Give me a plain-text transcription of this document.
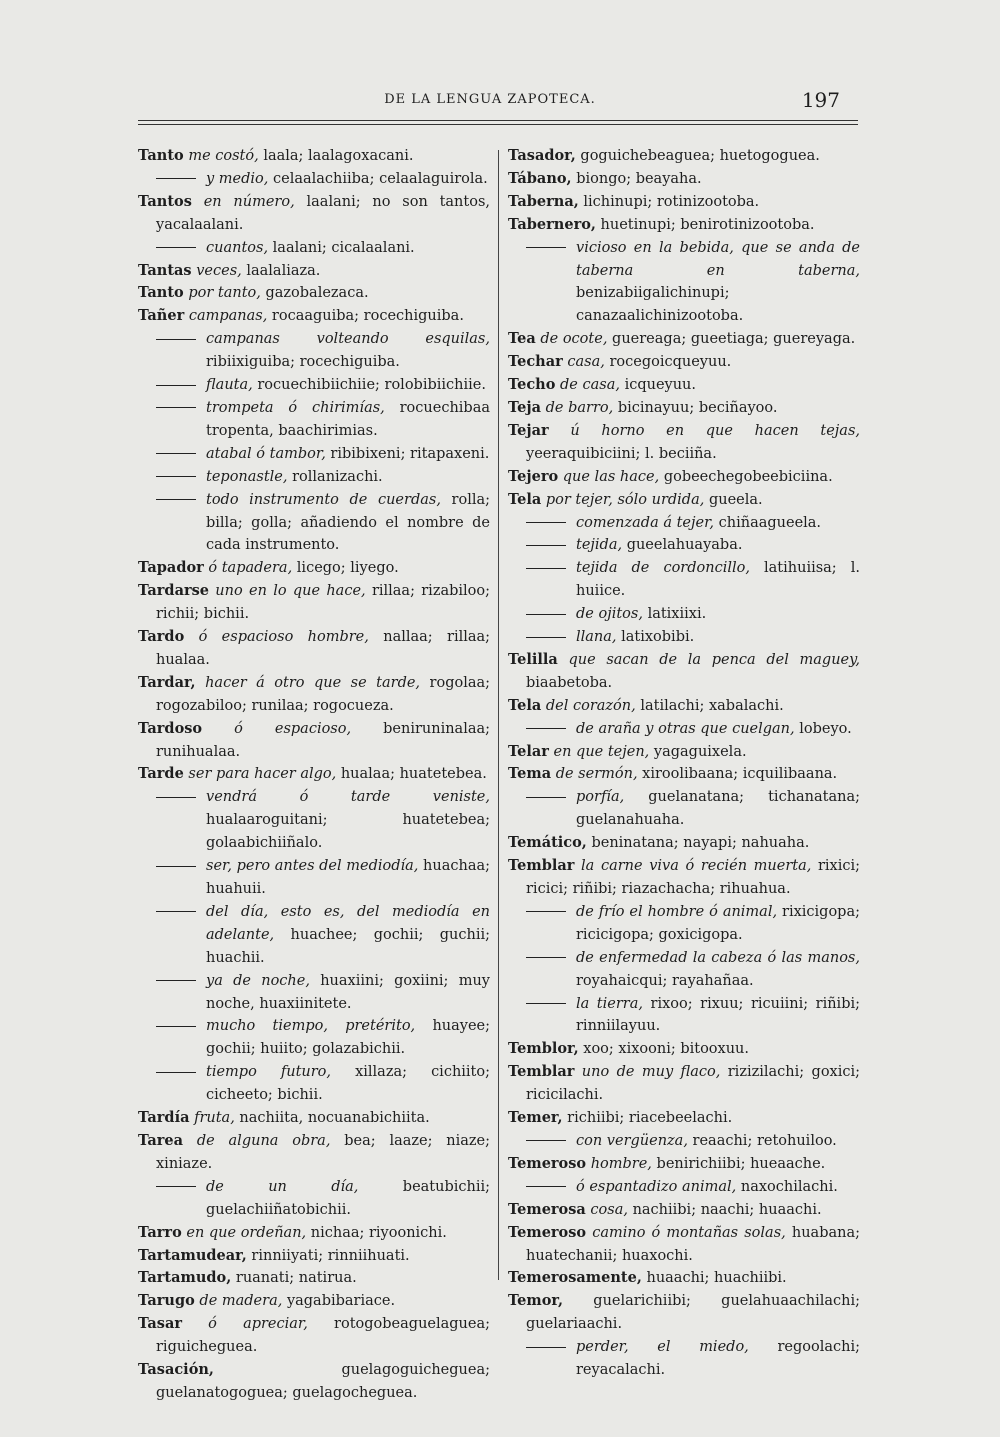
DE LA LENGUA ZAPOTECA.	197

Tanto me costó, laala; laalagoxacani.

y medio, celaalachiiba; celaalaguirola.

Tantos en número, laalani; no son tantos, yacalaalani.

cuantos, laalani; cicalaalani.

Tantas veces, laalaliaza.

Tanto por tanto, gazobalezaca.

Tañer campanas, rocaaguiba; rocechiguiba.

campanas volteando esquilas, ribiixiguiba; rocechiguiba.

flauta, rocuechibiichiie; rolobibiichiie.

trompeta ó chirimías, rocuechibaa tropenta, baachirimias.

atabal ó tambor, ribibixeni; ritapaxeni.

teponastle, rollanizachi.

todo instrumento de cuerdas, rolla; billa; golla; añadiendo el nombre de cada instrumento.

Tapador ó tapadera, licego; liyego.

Tardarse uno en lo que hace, rillaa; rizabiloo; richii; bichii.

Tardo ó espacioso hombre, nallaa; rillaa; hualaa.

Tardar, hacer á otro que se tarde, rogolaa; rogozabiloo; runilaa; rogocueza.

Tardoso ó espacioso, beniruninalaa; runihualaa.

Tarde ser para hacer algo, hualaa; huatetebea.

vendrá ó tarde veniste, hualaaroguitani; huatetebea; golaabichiiñalo.

ser, pero antes del mediodía, huachaa; huahuii.

del día, esto es, del mediodía en adelante, huachee; gochii; guchii; huachii.

ya de noche, huaxiini; goxiini; muy noche, huaxiinitete.

mucho tiempo, pretérito, huayee; gochii; huiito; golazabichii.

tiempo futuro, xillaza; cichiito; cicheeto; bichii.

Tardía fruta, nachiita, nocuanabichiita.

Tarea de alguna obra, bea; laaze; niaze; xiniaze.

de un día,	beatubichii; guelachiiñatobichii.

Tarro en que ordeñan, nichaa; riyoonichi.

Tartamudear, rinniiyati; rinniihuati.

Tartamudo, ruanati; natirua.

Tarugo de madera, yagabibariace.

Tasar ó apreciar, rotogobeaguelaguea; riguicheguea.

Tasación,	guelagoguicheguea; guelanatogoguea; guelagocheguea.

Tasador, goguichebeaguea; huetogoguea.

Tábano, biongo; beayaha.

Taberna, lichinupi; rotinizootoba.

Tabernero, huetinupi; benirotinizootoba.

vicioso en la bebida, que se anda de taberna en taberna, benizabiigalichinupi; canazaalichinizootoba.

Tea de ocote, guereaga; gueetiaga; guereyaga.

Techar casa, rocegoicqueyuu.

Techo de casa, icqueyuu.

Teja de barro, bicinayuu; beciñayoo.

Tejar ú horno en que hacen tejas, yeeraquibiciini; l. beciiña.

Tejero que las hace, gobeechegobeebiciina.

Tela por tejer, sólo urdida, gueela.

comenzada á tejer, chiñaagueela.

tejida, gueelahuayaba.

tejida de cordoncillo, latihuiisa; l. huiice.

de ojitos, latixiixi.

llana, latixobibi.

Telilla que sacan de la penca del maguey, biaabetoba.

Tela del corazón, latilachi; xabalachi.

de araña y otras que cuelgan, lobeyo.

Telar en que tejen, yagaguixela.

Tema de sermón, xiroolibaana; icquilibaana.

porfía, guelanatana; tichanatana; guelanahuaha.

Temático, beninatana; nayapi; nahuaha.

Temblar la carne viva ó recién muerta, rixici; ricici; riñibi; riazachacha; rihuahua.

de frío el hombre ó animal, rixicigopa; ricicigopa; goxicigopa.

de enfermedad la cabeza ó las manos, royahaicqui; rayahañaa.

la tierra, rixoo; rixuu; ricuiini; riñibi; rinniilayuu.

Temblor, xoo; xixooni; bitooxuu.

Temblar uno de muy flaco, rizizilachi; goxici; ricicilachi.

Temer, richiibi; riacebeelachi.

con vergüenza, reaachi; retohuiloo.

Temeroso hombre, benirichiibi; hueaache.

ó espantadizo animal, naxochilachi.

Temerosa cosa, nachiibi; naachi; huaachi.

Temeroso camino ó montañas solas, huabana; huatechanii; huaxochi.

Temerosamente, huaachi; huachiibi.

Temor, guelarichiibi; guelahuaachilachi; guelariaachi.

perder, el miedo, regoolachi; reyacalachi.
